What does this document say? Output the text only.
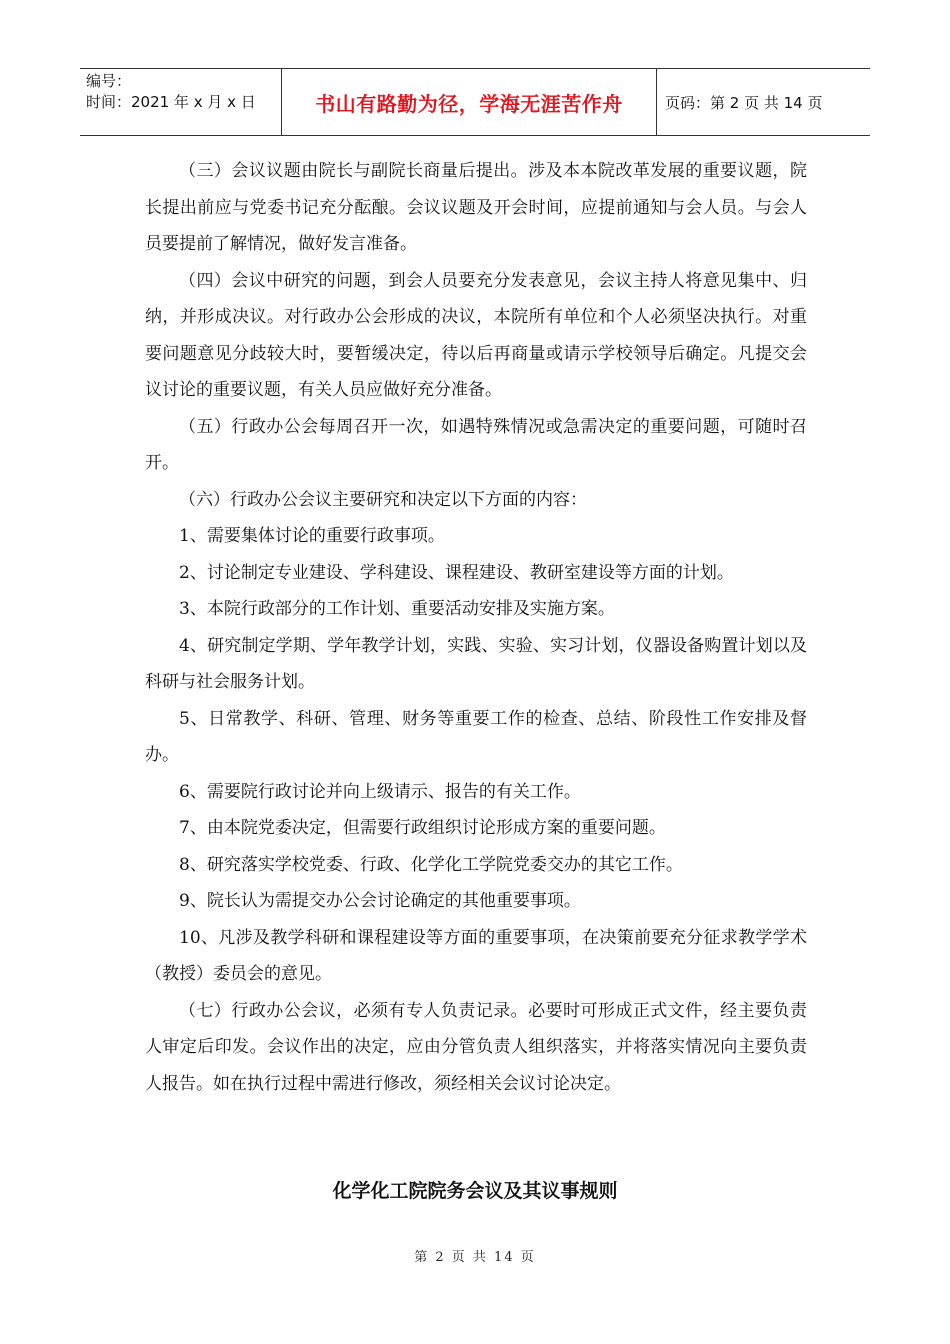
编号：
时间：2021 年 x 月 x 日	书山有路勤为径，学海无涯苦作舟	页码：第 2 页 共 14 页

（三）会议议题由院长与副院长商量后提出。涉及本本院改革发展的重要议题，院长提出前应与党委书记充分酝酿。会议议题及开会时间，应提前通知与会人员。与会人员要提前了解情况，做好发言准备。

（四）会议中研究的问题，到会人员要充分发表意见，会议主持人将意见集中、归纳，并形成决议。对行政办公会形成的决议，本院所有单位和个人必须坚决执行。对重要问题意见分歧较大时，要暂缓决定，待以后再商量或请示学校领导后确定。凡提交会议讨论的重要议题，有关人员应做好充分准备。

（五）行政办公会每周召开一次，如遇特殊情况或急需决定的重要问题，可随时召开。

（六）行政办公会议主要研究和决定以下方面的内容：

1、需要集体讨论的重要行政事项。

2、讨论制定专业建设、学科建设、课程建设、教研室建设等方面的计划。

3、本院行政部分的工作计划、重要活动安排及实施方案。

4、研究制定学期、学年教学计划，实践、实验、实习计划，仪器设备购置计划以及科研与社会服务计划。

5、日常教学、科研、管理、财务等重要工作的检查、总结、阶段性工作安排及督办。

6、需要院行政讨论并向上级请示、报告的有关工作。

7、由本院党委决定，但需要行政组织讨论形成方案的重要问题。

8、研究落实学校党委、行政、化学化工学院党委交办的其它工作。

9、院长认为需提交办公会讨论确定的其他重要事项。

10、凡涉及教学科研和课程建设等方面的重要事项，在决策前要充分征求教学学术（教授）委员会的意见。

（七）行政办公会议，必须有专人负责记录。必要时可形成正式文件，经主要负责人审定后印发。会议作出的决定，应由分管负责人组织落实，并将落实情况向主要负责人报告。如在执行过程中需进行修改，须经相关会议讨论决定。

化学化工院院务会议及其议事规则
第 2 页 共 14 页
